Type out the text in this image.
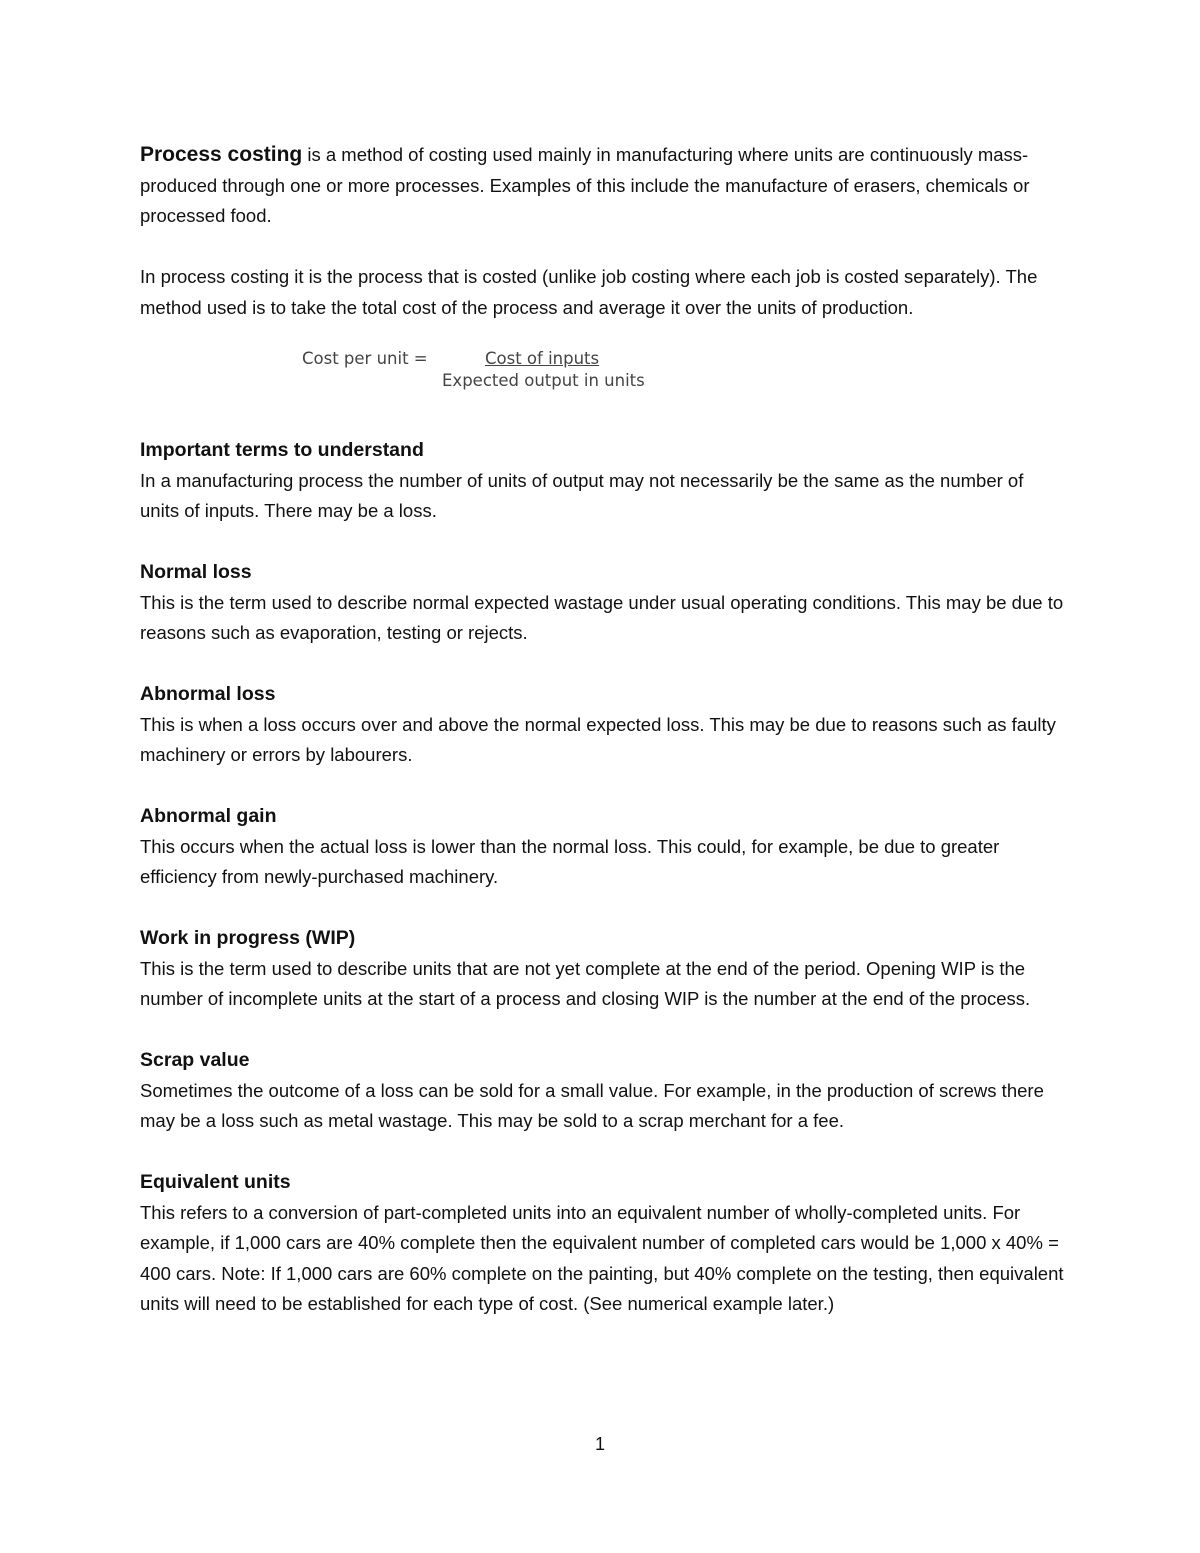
Process costing is a method of costing used mainly in manufacturing where units are continuously mass-produced through one or more processes. Examples of this include the manufacture of erasers, chemicals or processed food.

In process costing it is the process that is costed (unlike job costing where each job is costed separately). The method used is to take the total cost of the process and average it over the units of production.

Cost per unit =	Cost of inputs
Expected output in units
Important terms to understand

In a manufacturing process the number of units of output may not necessarily be the same as the number of units of inputs. There may be a loss.

Normal loss

This is the term used to describe normal expected wastage under usual operating conditions. This may be due to reasons such as evaporation, testing or rejects.

Abnormal loss

This is when a loss occurs over and above the normal expected loss. This may be due to reasons such as faulty machinery or errors by labourers.

Abnormal gain

This occurs when the actual loss is lower than the normal loss. This could, for example, be due to greater efficiency from newly-purchased machinery.

Work in progress (WIP)

This is the term used to describe units that are not yet complete at the end of the period. Opening WIP is the number of incomplete units at the start of a process and closing WIP is the number at the end of the process.

Scrap value

Sometimes the outcome of a loss can be sold for a small value. For example, in the production of screws there may be a loss such as metal wastage. This may be sold to a scrap merchant for a fee.

Equivalent units

This refers to a conversion of part-completed units into an equivalent number of wholly-completed units. For example, if 1,000 cars are 40% complete then the equivalent number of completed cars would be 1,000 x 40% = 400 cars. Note: If 1,000 cars are 60% complete on the painting, but 40% complete on the testing, then equivalent units will need to be established for each type of cost. (See numerical example later.)

1
